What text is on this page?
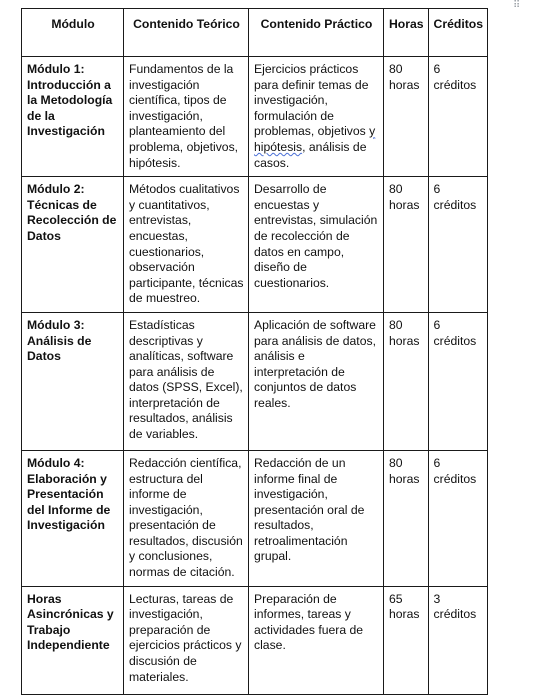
⠿
Módulo	Contenido Teórico	Contenido Práctico	Horas	Créditos
Módulo 1: Introducción a la Metodología de la Investigación	Fundamentos de la investigación científica, tipos de investigación, planteamiento del problema, objetivos, hipótesis.	Ejercicios prácticos para definir temas de investigación, formulación de problemas, objetivos y hipótesis, análisis de casos.	80 horas	6 créditos
Módulo 2: Técnicas de Recolección de Datos	Métodos cualitativos y cuantitativos, entrevistas, encuestas, cuestionarios, observación participante, técnicas de muestreo.	Desarrollo de encuestas y entrevistas, simulación de recolección de datos en campo, diseño de cuestionarios.	80 horas	6 créditos
Módulo 3: Análisis de Datos	Estadísticas descriptivas y analíticas, software para análisis de datos (SPSS, Excel), interpretación de resultados, análisis de variables.	Aplicación de software para análisis de datos, análisis e interpretación de conjuntos de datos reales.	80 horas	6 créditos
Módulo 4: Elaboración y Presentación del Informe de Investigación	Redacción científica, estructura del informe de investigación, presentación de resultados, discusión y conclusiones, normas de citación.	Redacción de un informe final de investigación, presentación oral de resultados, retroalimentación grupal.	80 horas	6 créditos
Horas Asincrónicas y Trabajo Independiente	Lecturas, tareas de investigación, preparación de ejercicios prácticos y discusión de materiales.	Preparación de informes, tareas y actividades fuera de clase.	65 horas	3 créditos
